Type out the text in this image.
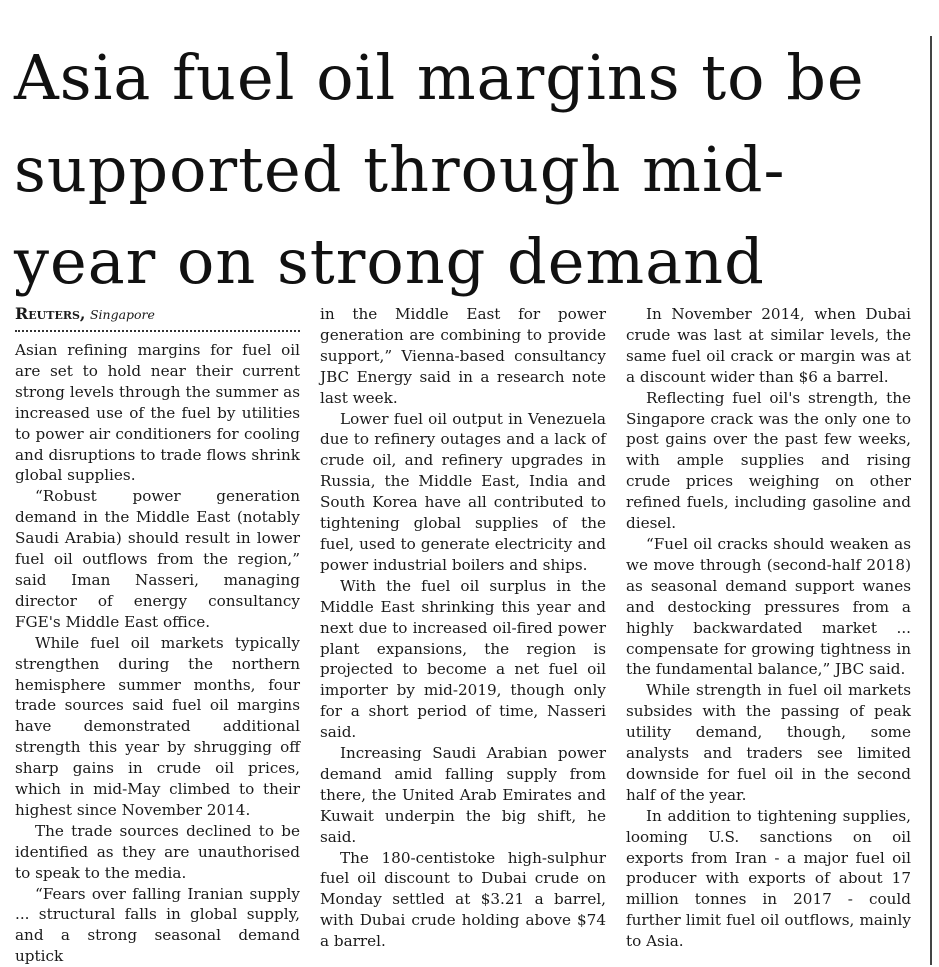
Asia fuel oil margins to be supported through mid-year on strong demand
Reuters, Singapore

Asian refining margins for fuel oil are set to hold near their current strong levels through the summer as increased use of the fuel by utilities to power air conditioners for cooling and disruptions to trade flows shrink global supplies.

“Robust power generation demand in the Middle East (notably Saudi Arabia) should result in lower fuel oil outflows from the region,” said Iman Nasseri, managing director of energy consultancy FGE's Middle East office.

While fuel oil markets typically strengthen during the northern hemisphere summer months, four trade sources said fuel oil margins have demonstrated additional strength this year by shrugging off sharp gains in crude oil prices, which in mid-May climbed to their highest since November 2014.

The trade sources declined to be identified as they are unauthorised to speak to the media.

“Fears over falling Iranian supply ... structural falls in global supply, and a strong seasonal demand uptick

in the Middle East for power generation are combining to provide support,” Vienna-based consultancy JBC Energy said in a research note last week.

Lower fuel oil output in Venezuela due to refinery outages and a lack of crude oil, and refinery upgrades in Russia, the Middle East, India and South Korea have all contributed to tightening global supplies of the fuel, used to generate electricity and power industrial boilers and ships.

With the fuel oil surplus in the Middle East shrinking this year and next due to increased oil-fired power plant expansions, the region is projected to become a net fuel oil importer by mid-2019, though only for a short period of time, Nasseri said.

Increasing Saudi Arabian power demand amid falling supply from there, the United Arab Emirates and Kuwait underpin the big shift, he said.

The 180-centistoke high-sulphur fuel oil discount to Dubai crude on Monday settled at $3.21 a barrel, with Dubai crude holding above $74 a barrel.

In November 2014, when Dubai crude was last at similar levels, the same fuel oil crack or margin was at a discount wider than $6 a barrel.

Reflecting fuel oil's strength, the Singapore crack was the only one to post gains over the past few weeks, with ample supplies and rising crude prices weighing on other refined fuels, including gasoline and diesel.

“Fuel oil cracks should weaken as we move through (second-half 2018) as seasonal demand support wanes and destocking pressures from a highly backwardated market ... compensate for growing tightness in the fundamental balance,” JBC said.

While strength in fuel oil markets subsides with the passing of peak utility demand, though, some analysts and traders see limited downside for fuel oil in the second half of the year.

In addition to tightening supplies, looming U.S. sanctions on oil exports from Iran - a major fuel oil producer with exports of about 17 million tonnes in 2017 - could further limit fuel oil outflows, mainly to Asia.
